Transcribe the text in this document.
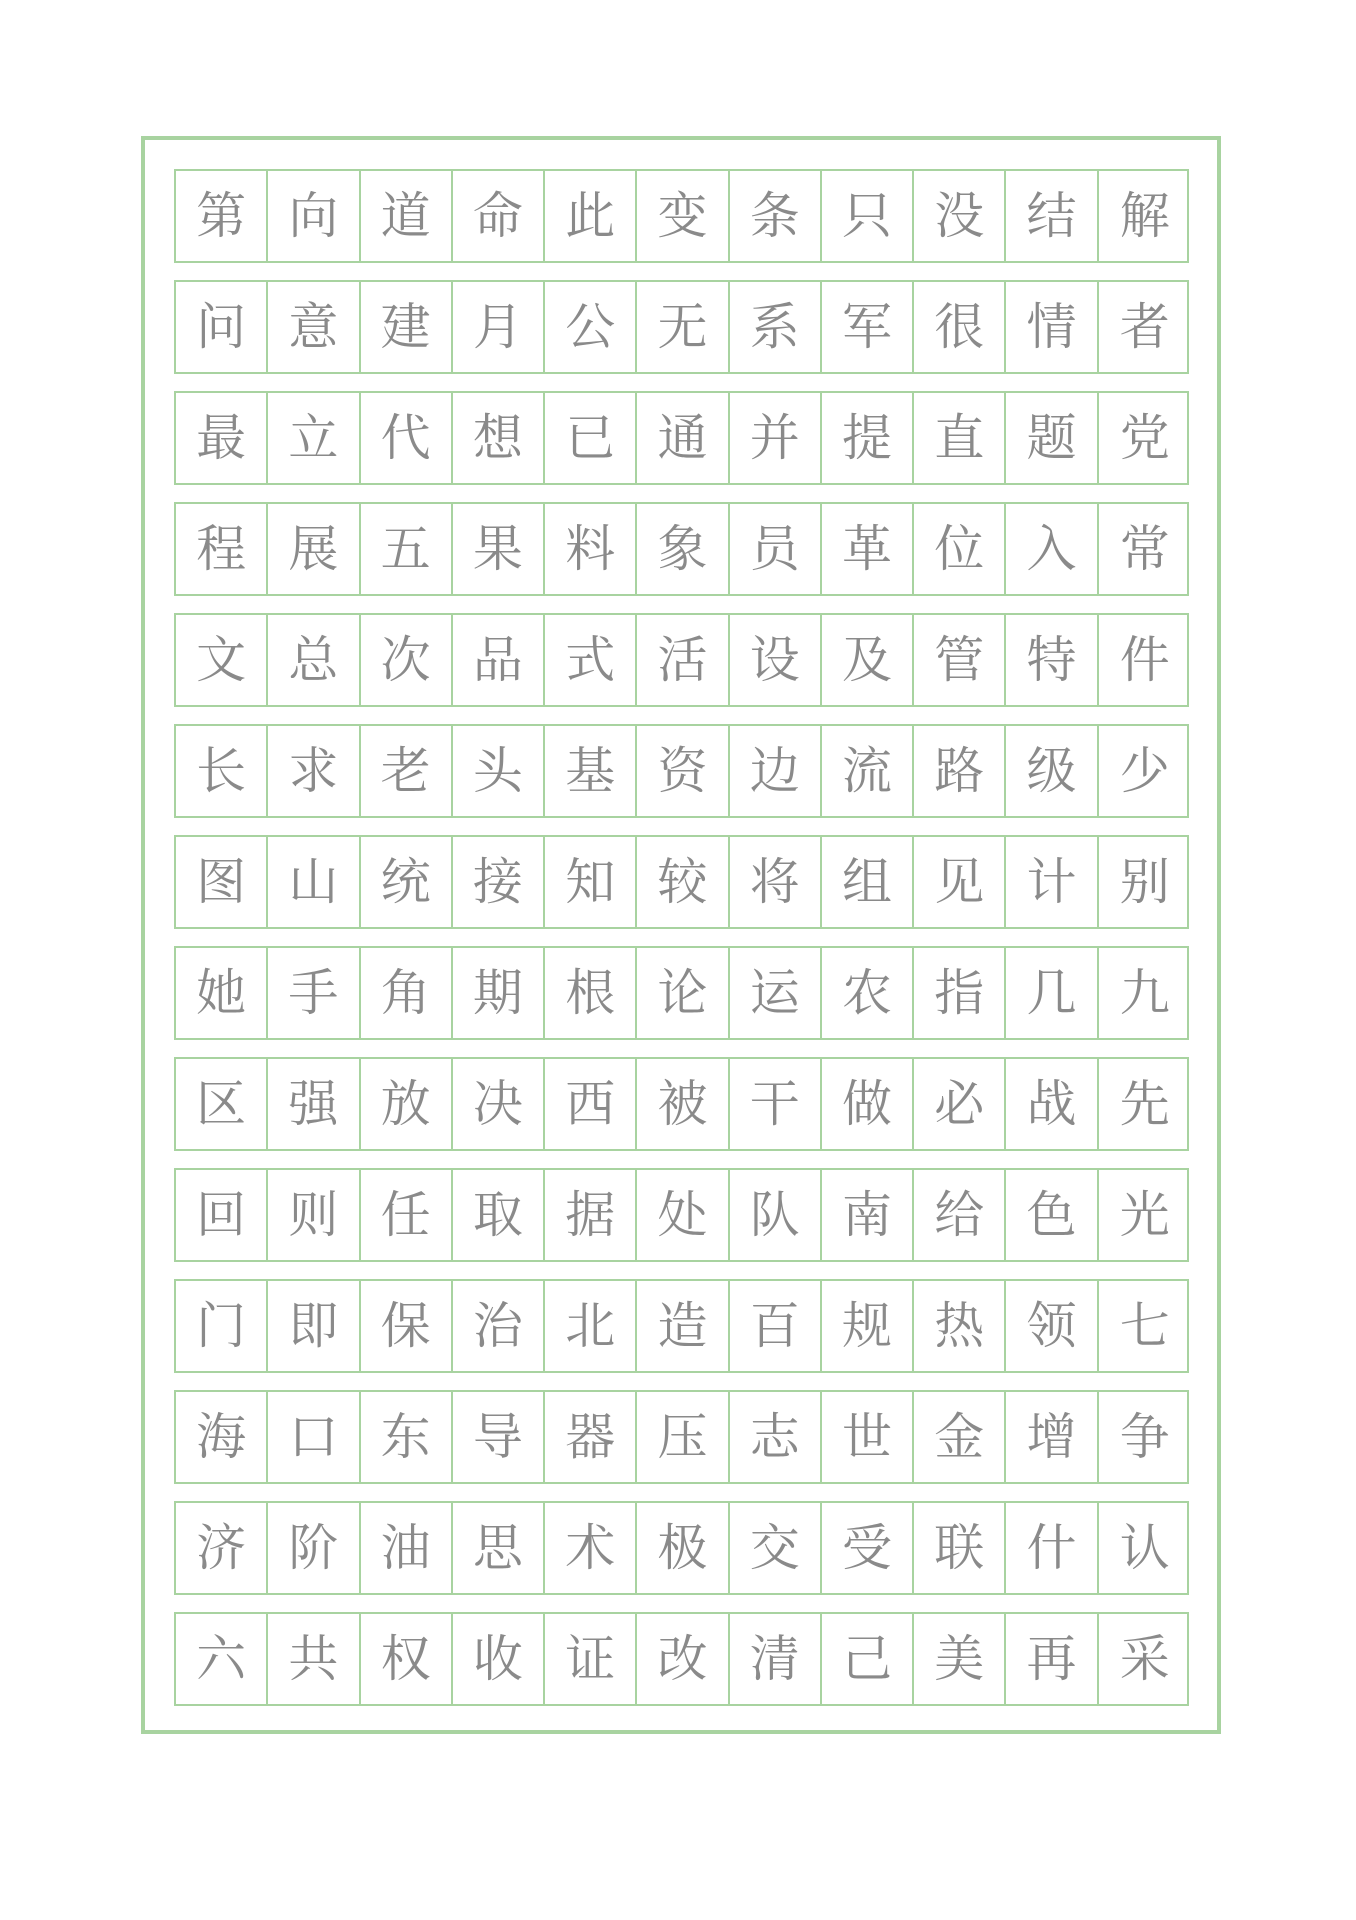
第 向 道 命 此 变 条 只 没 结 解
问 意 建 月 公 无 系 军 很 情 者
最 立 代 想 已 通 并 提 直 题 党
程 展 五 果 料 象 员 革 位 入 常
文 总 次 品 式 活 设 及 管 特 件
长 求 老 头 基 资 边 流 路 级 少
图 山 统 接 知 较 将 组 见 计 别
她 手 角 期 根 论 运 农 指 几 九
区 强 放 决 西 被 干 做 必 战 先
回 则 任 取 据 处 队 南 给 色 光
门 即 保 治 北 造 百 规 热 领 七
海 口 东 导 器 压 志 世 金 增 争
济 阶 油 思 术 极 交 受 联 什 认
六 共 权 收 证 改 清 己 美 再 采
